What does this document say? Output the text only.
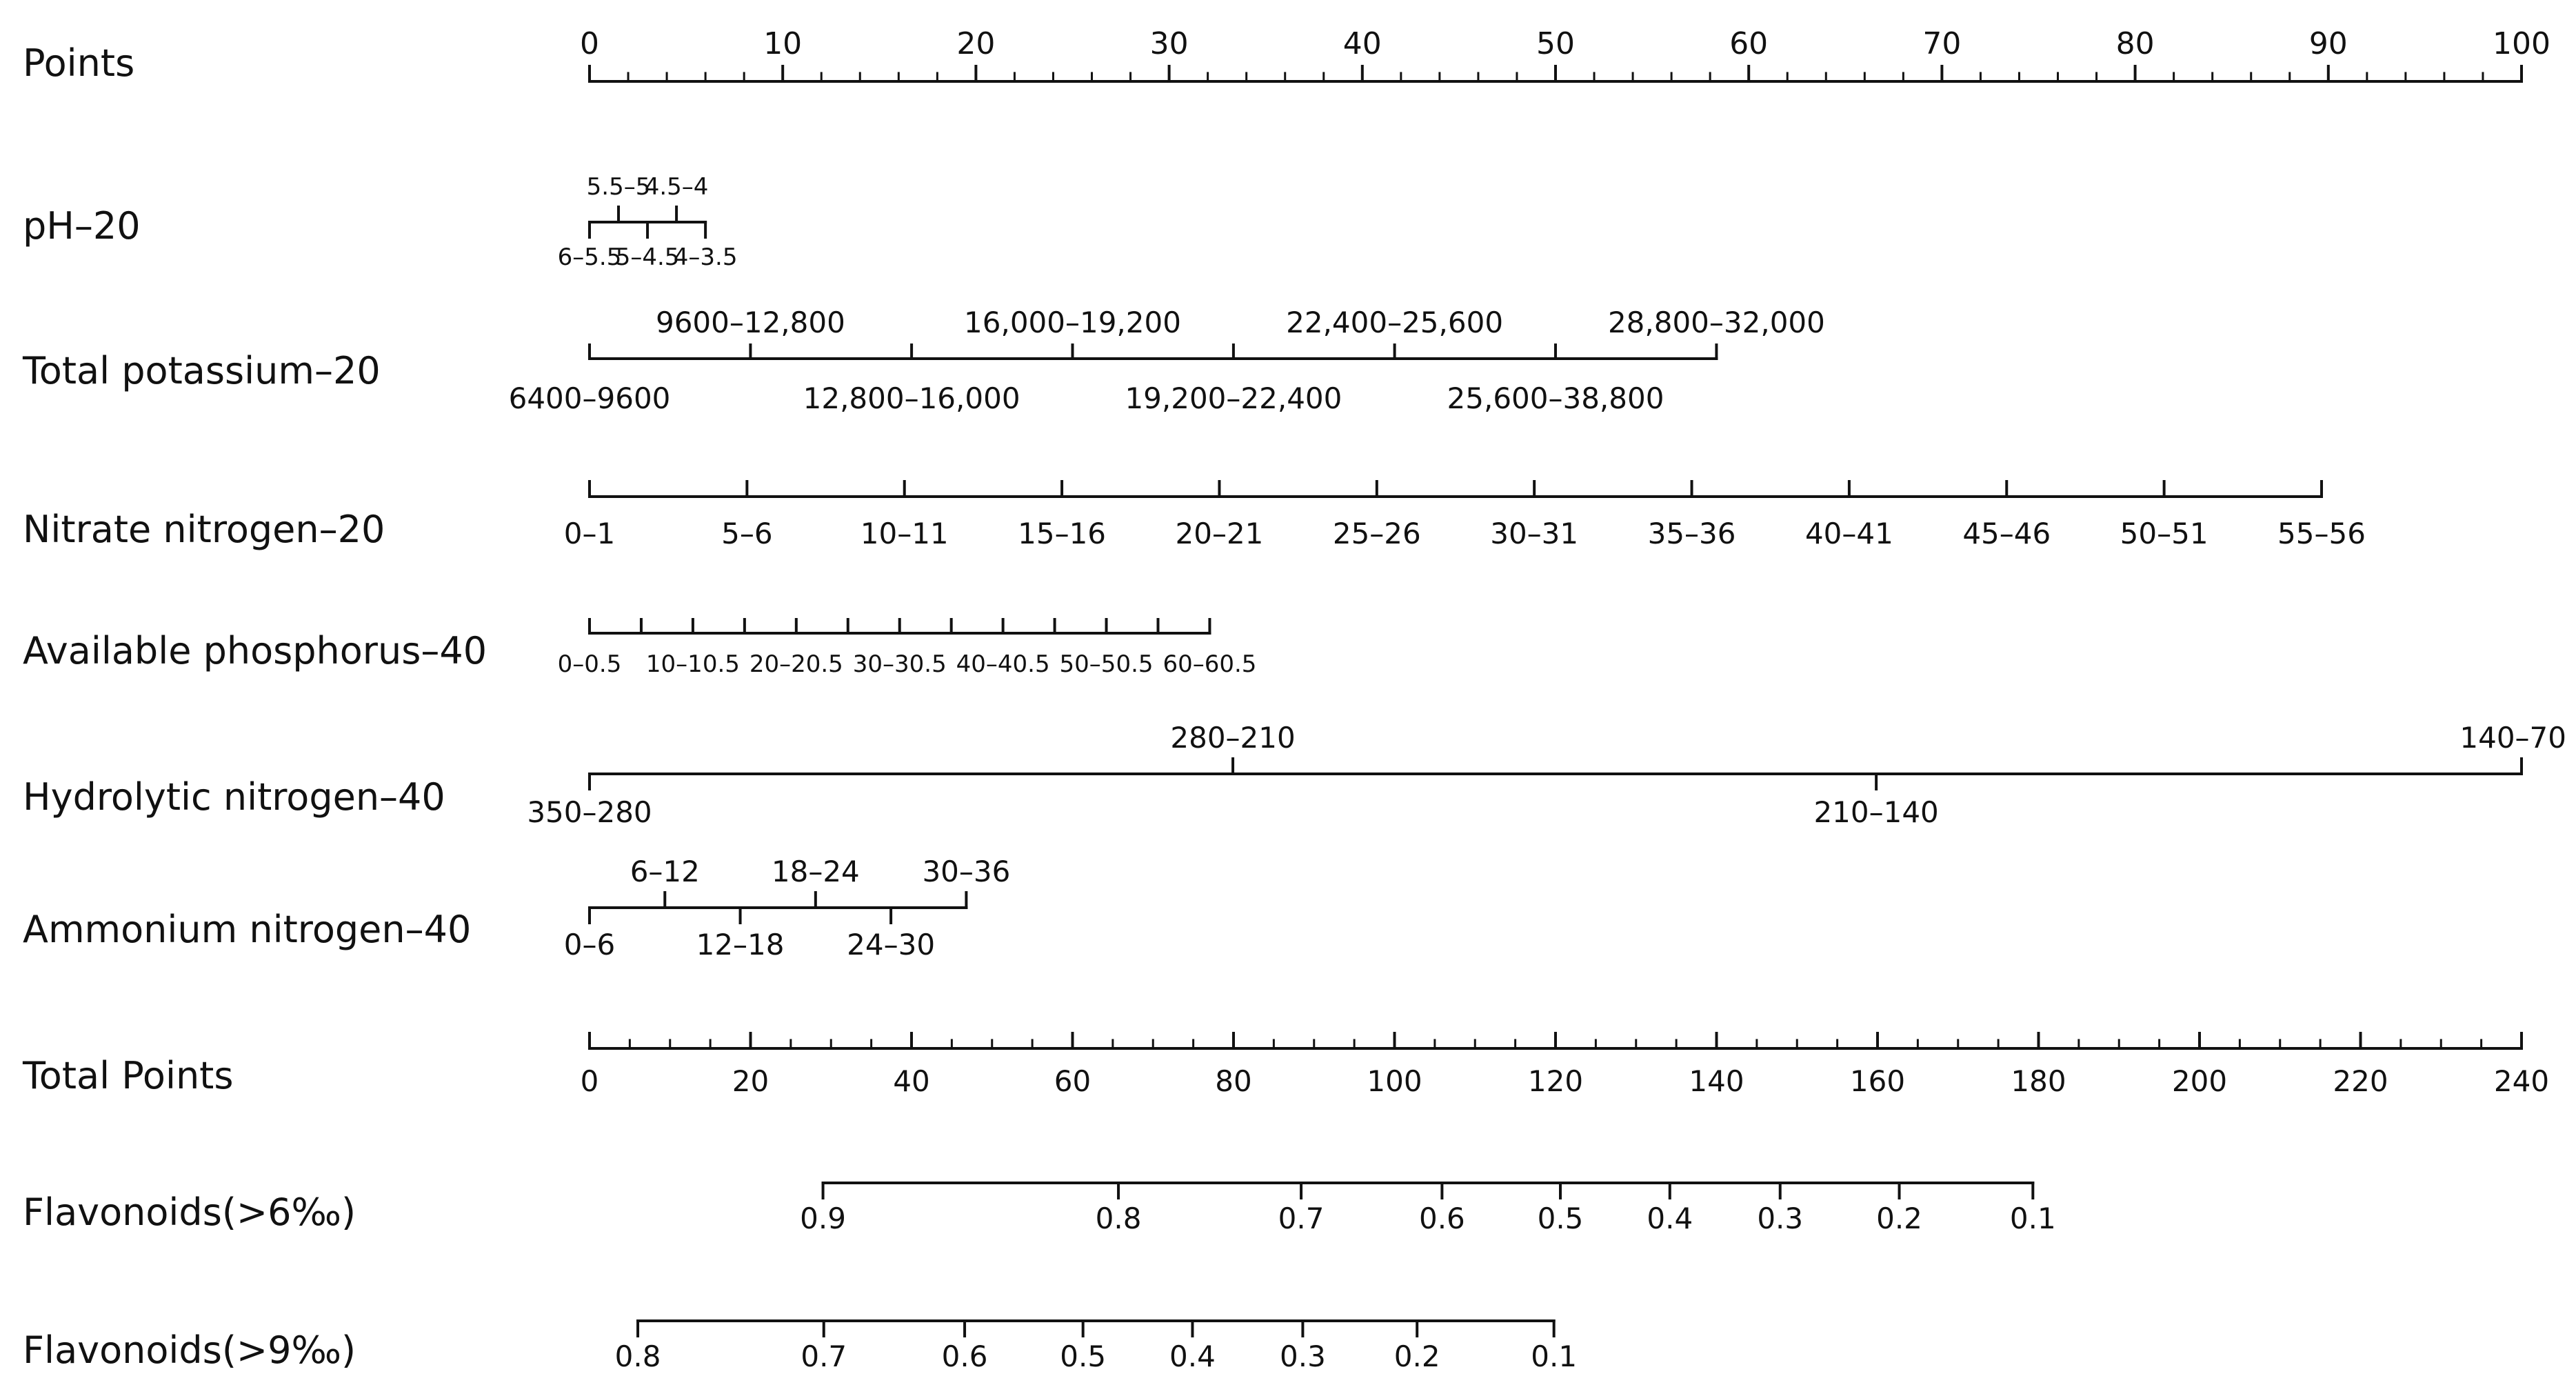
Points
pH–20
Total potassium–20
Nitrate nitrogen–20
Available phosphorus–40
Hydrolytic nitrogen–40
Ammonium nitrogen–40
Total Points
Flavonoids(>6‰)
Flavonoids(>9‰)
0	10	20	30	40	50	60	70	80	90	100
6–5.5
5.5–5
5–4.5
4.5–4
4–3.5
6400–9600
9600–12,800
12,800–16,000
16,000–19,200
19,200–22,400
22,400–25,600
25,600–38,800
28,800–32,000
0–1	5–6	10–11 15–16 20–21 25–26 30–31 35–36 40–41 45–46 50–51 55–56
0–0.5 10–10.5 20–20.5 30–30.5 40–40.5 50–50.5 60–60.5
350–280
280–210
210–140
140–70
0–6
6–12
12–18
18–24
24–30
30–36
0	20	40	60	80	100	120	140	160	180	200	220	240
0.9	0.8	0.7	0.6 0.5 0.4 0.3	0.2	0.1
0.8	0.7	0.6 0.5 0.4 0.3 0.2	0.1
